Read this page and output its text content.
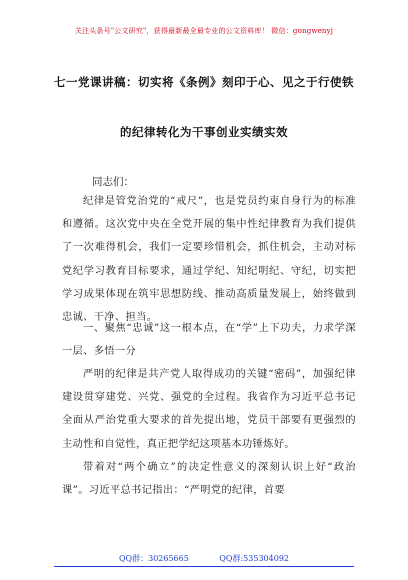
关注头条号"公文研究"，获得最新最全最专业的公文资料库！ 微信：gongwenyj
七一党课讲稿：切实将《条例》刻印于心、见之于行使铁
的纪律转化为干事创业实绩实效
同志们：

纪律是管党治党的“戒尺”，也是党员约束自身行为的标准和遵循。这次党中央在全党开展的集中性纪律教育为我们提供了一次难得机会，我们一定要珍惜机会，抓住机会，主动对标党纪学习教育目标要求，通过学纪、知纪明纪、守纪，切实把学习成果体现在筑牢思想防线、推动高质量发展上，始终做到忠诚、干净、担当。

一、聚焦“忠诚”这一根本点，在“学”上下功夫，力求学深一层、多悟一分

严明的纪律是共产党人取得成功的关键“密码”，加强纪律建设贯穿建党、兴党、强党的全过程。我省作为习近平总书记全面从严治党重大要求的首先提出地，党员干部要有更强烈的主动性和自觉性，真正把学纪这项基本功锤炼好。

带着对“两个确立”的决定性意义的深刻认识上好“政治课”。习近平总书记指出：“严明党的纪律，首要

QQ群：30265665	QQ群:535304092
